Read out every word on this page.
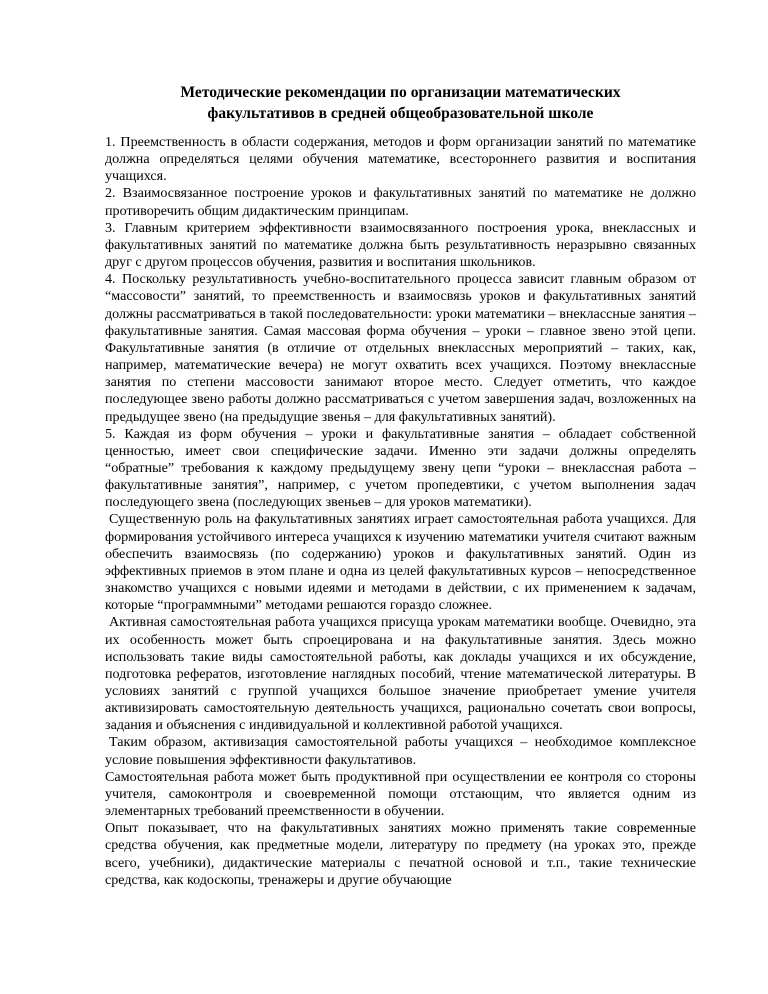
Методические рекомендации по организации математических
факультативов в средней общеобразовательной школе

1. Преемственность в области содержания, методов и форм организации занятий по математике должна определяться целями обучения математике, всестороннего развития и воспитания учащихся.

2. Взаимосвязанное построение уроков и факультативных занятий по математике не должно противоречить общим дидактическим принципам.

3. Главным критерием эффективности взаимосвязанного построения урока, внеклассных и факультативных занятий по математике должна быть результативность неразрывно связанных друг с другом процессов обучения, развития и воспитания школьников.

4. Поскольку результативность учебно-воспитательного процесса зависит главным образом от “массовости” занятий, то преемственность и взаимосвязь уроков и факультативных занятий должны рассматриваться в такой последовательности: уроки математики – внеклассные занятия – факультативные занятия. Самая массовая форма обучения – уроки – главное звено этой цепи. Факультативные занятия (в отличие от отдельных внеклассных мероприятий – таких, как, например, математические вечера) не могут охватить всех учащихся. Поэтому внеклассные занятия по степени массовости занимают второе место. Следует отметить, что каждое последующее звено работы должно рассматриваться с учетом завершения задач, возложенных на предыдущее звено (на предыдущие звенья – для факультативных занятий).

5. Каждая из форм обучения – уроки и факультативные занятия – обладает собственной ценностью, имеет свои специфические задачи. Именно эти задачи должны определять “обратные” требования к каждому предыдущему звену цепи “уроки – внеклассная работа – факультативные занятия”, например, с учетом пропедевтики, с учетом выполнения задач последующего звена (последующих звеньев – для уроков математики).

Существенную роль на факультативных занятиях играет самостоятельная работа учащихся. Для формирования устойчивого интереса учащихся к изучению математики учителя считают важным обеспечить взаимосвязь (по содержанию) уроков и факультативных занятий. Один из эффективных приемов в этом плане и одна из целей факультативных курсов – непосредственное знакомство учащихся с новыми идеями и методами в действии, с их применением к задачам, которые “программными” методами решаются гораздо сложнее.

Активная самостоятельная работа учащихся присуща урокам математики вообще. Очевидно, эта их особенность может быть спроецирована и на факультативные занятия. Здесь можно использовать такие виды самостоятельной работы, как доклады учащихся и их обсуждение, подготовка рефератов, изготовление наглядных пособий, чтение математической литературы. В условиях занятий с группой учащихся большое значение приобретает умение учителя активизировать самостоятельную деятельность учащихся, рационально сочетать свои вопросы, задания и объяснения с индивидуальной и коллективной работой учащихся.

Таким образом, активизация самостоятельной работы учащихся – необходимое комплексное условие повышения эффективности факультативов.

Самостоятельная работа может быть продуктивной при осуществлении ее контроля со стороны учителя, самоконтроля и своевременной помощи отстающим, что является одним из элементарных требований преемственности в обучении.

Опыт показывает, что на факультативных занятиях можно применять такие современные средства обучения, как предметные модели, литературу по предмету (на уроках это, прежде всего, учебники), дидактические материалы с печатной основой и т.п., такие технические средства, как кодоскопы, тренажеры и другие обучающие
